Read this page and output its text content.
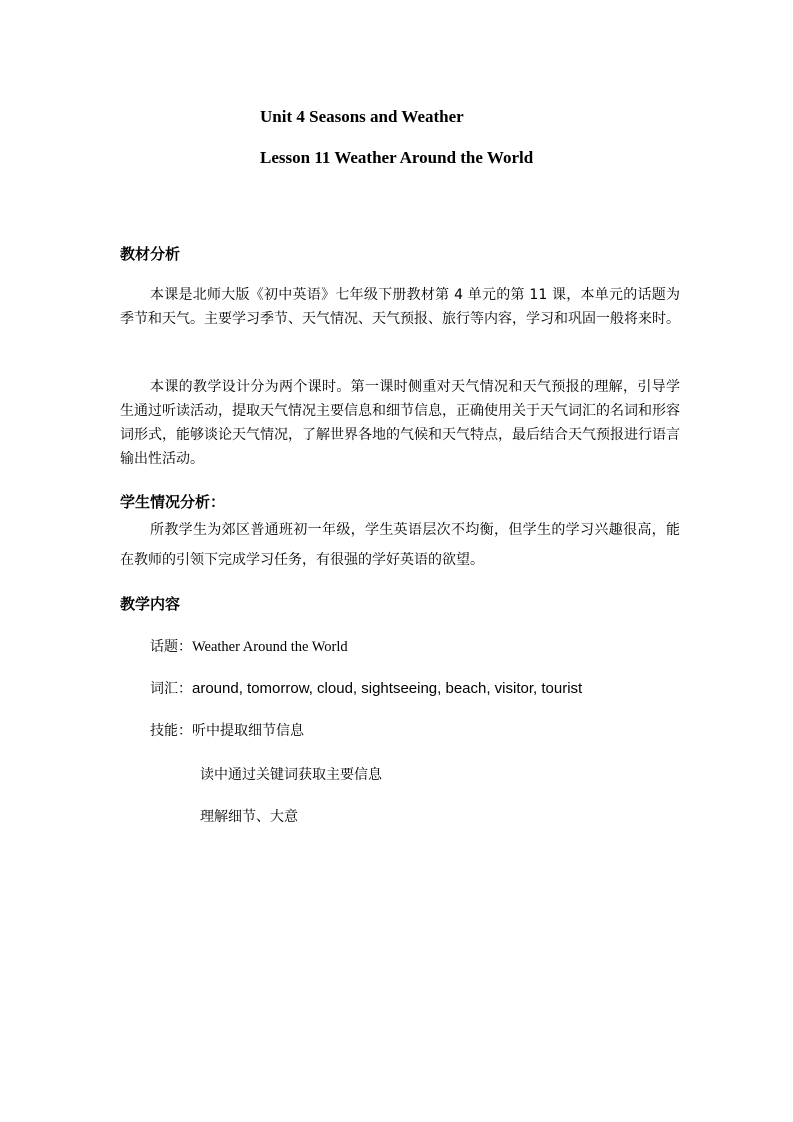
Unit 4 Seasons and Weather
Lesson 11 Weather Around the World
教材分析
本课是北师大版《初中英语》七年级下册教材第 4 单元的第 11 课，本单元的话题为季节和天气。主要学习季节、天气情况、天气预报、旅行等内容，学习和巩固一般将来时。
本课的教学设计分为两个课时。第一课时侧重对天气情况和天气预报的理解，引导学生通过听读活动，提取天气情况主要信息和细节信息，正确使用关于天气词汇的名词和形容词形式，能够谈论天气情况，了解世界各地的气候和天气特点，最后结合天气预报进行语言输出性活动。
学生情况分析：
所教学生为郊区普通班初一年级，学生英语层次不均衡，但学生的学习兴趣很高，能在教师的引领下完成学习任务，有很强的学好英语的欲望。
教学内容
话题：Weather Around the World
词汇：around, tomorrow, cloud, sightseeing, beach, visitor, tourist
技能：听中提取细节信息
读中通过关键词获取主要信息
理解细节、大意
